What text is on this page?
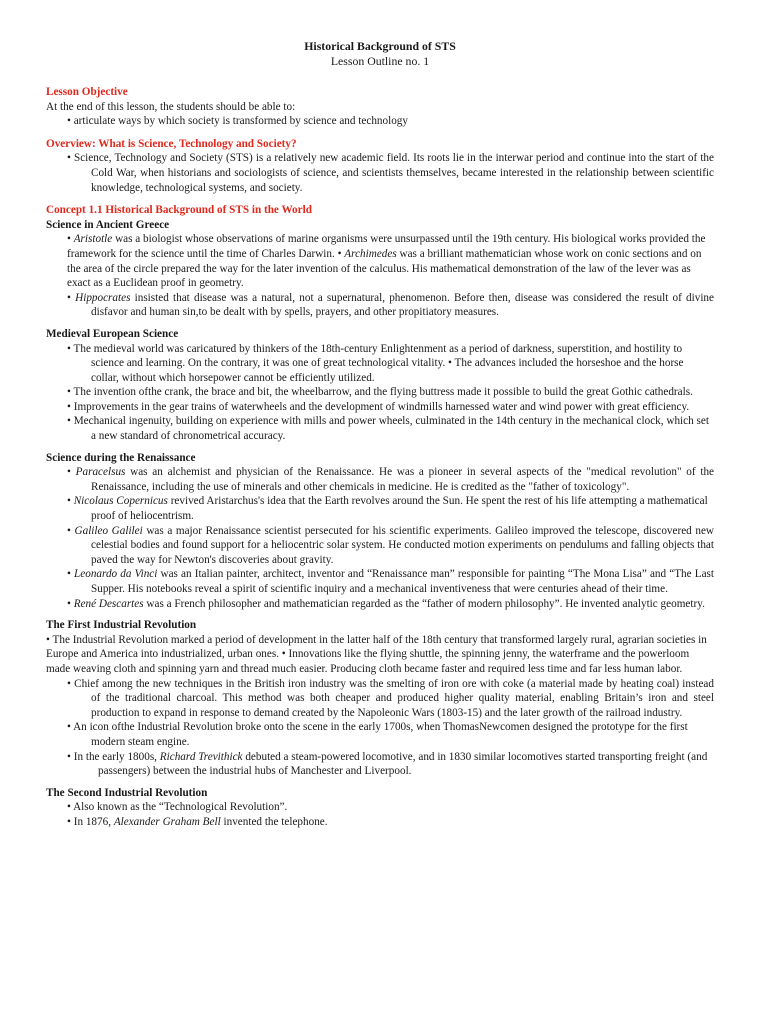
Historical Background of STS
Lesson Outline no. 1
Lesson Objective
At the end of this lesson, the students should be able to:
• articulate ways by which society is transformed by science and technology
Overview: What is Science, Technology and Society?
• Science, Technology and Society (STS) is a relatively new academic field. Its roots lie in the interwar period and continue into the start of the Cold War, when historians and sociologists of science, and scientists themselves, became interested in the relationship between scientific knowledge, technological systems, and society.
Concept 1.1 Historical Background of STS in the World
Science in Ancient Greece
• Aristotle was a biologist whose observations of marine organisms were unsurpassed until the 19th century. His biological works provided the framework for the science until the time of Charles Darwin. • Archimedes was a brilliant mathematician whose work on conic sections and on the area of the circle prepared the way for the later invention of the calculus. His mathematical demonstration of the law of the lever was as exact as a Euclidean proof in geometry.
• Hippocrates insisted that disease was a natural, not a supernatural, phenomenon. Before then, disease was considered the result of divine disfavor and human sin,to be dealt with by spells, prayers, and other propitiatory measures.
Medieval European Science
• The medieval world was caricatured by thinkers of the 18th-century Enlightenment as a period of darkness, superstition, and hostility to science and learning. On the contrary, it was one of great technological vitality. • The advances included the horseshoe and the horse collar, without which horsepower cannot be efficiently utilized.
• The invention ofthe crank, the brace and bit, the wheelbarrow, and the flying buttress made it possible to build the great Gothic cathedrals.
• Improvements in the gear trains of waterwheels and the development of windmills harnessed water and wind power with great efficiency.
• Mechanical ingenuity, building on experience with mills and power wheels, culminated in the 14th century in the mechanical clock, which set a new standard of chronometrical accuracy.
Science during the Renaissance
• Paracelsus was an alchemist and physician of the Renaissance. He was a pioneer in several aspects of the "medical revolution" of the Renaissance, including the use of minerals and other chemicals in medicine. He is credited as the "father of toxicology".
• Nicolaus Copernicus revived Aristarchus's idea that the Earth revolves around the Sun. He spent the rest of his life attempting a mathematical proof of heliocentrism.
• Galileo Galilei was a major Renaissance scientist persecuted for his scientific experiments. Galileo improved the telescope, discovered new celestial bodies and found support for a heliocentric solar system. He conducted motion experiments on pendulums and falling objects that paved the way for Newton's discoveries about gravity.
• Leonardo da Vinci was an Italian painter, architect, inventor and “Renaissance man” responsible for painting “The Mona Lisa” and “The Last Supper. His notebooks reveal a spirit of scientific inquiry and a mechanical inventiveness that were centuries ahead of their time.
• René Descartes was a French philosopher and mathematician regarded as the “father of modern philosophy”. He invented analytic geometry.
The First Industrial Revolution
• The Industrial Revolution marked a period of development in the latter half of the 18th century that transformed largely rural, agrarian societies in Europe and America into industrialized, urban ones. • Innovations like the flying shuttle, the spinning jenny, the waterframe and the powerloom made weaving cloth and spinning yarn and thread much easier. Producing cloth became faster and required less time and far less human labor.
• Chief among the new techniques in the British iron industry was the smelting of iron ore with coke (a material made by heating coal) instead of the traditional charcoal. This method was both cheaper and produced higher quality material, enabling Britain’s iron and steel production to expand in response to demand created by the Napoleonic Wars (1803-15) and the later growth of the railroad industry.
• An icon ofthe Industrial Revolution broke onto the scene in the early 1700s, when ThomasNewcomen designed the prototype for the first modern steam engine.
• In the early 1800s, Richard Trevithick debuted a steam-powered locomotive, and in 1830 similar locomotives started transporting freight (and passengers) between the industrial hubs of Manchester and Liverpool.
The Second Industrial Revolution
• Also known as the “Technological Revolution”.
• In 1876, Alexander Graham Bell invented the telephone.
